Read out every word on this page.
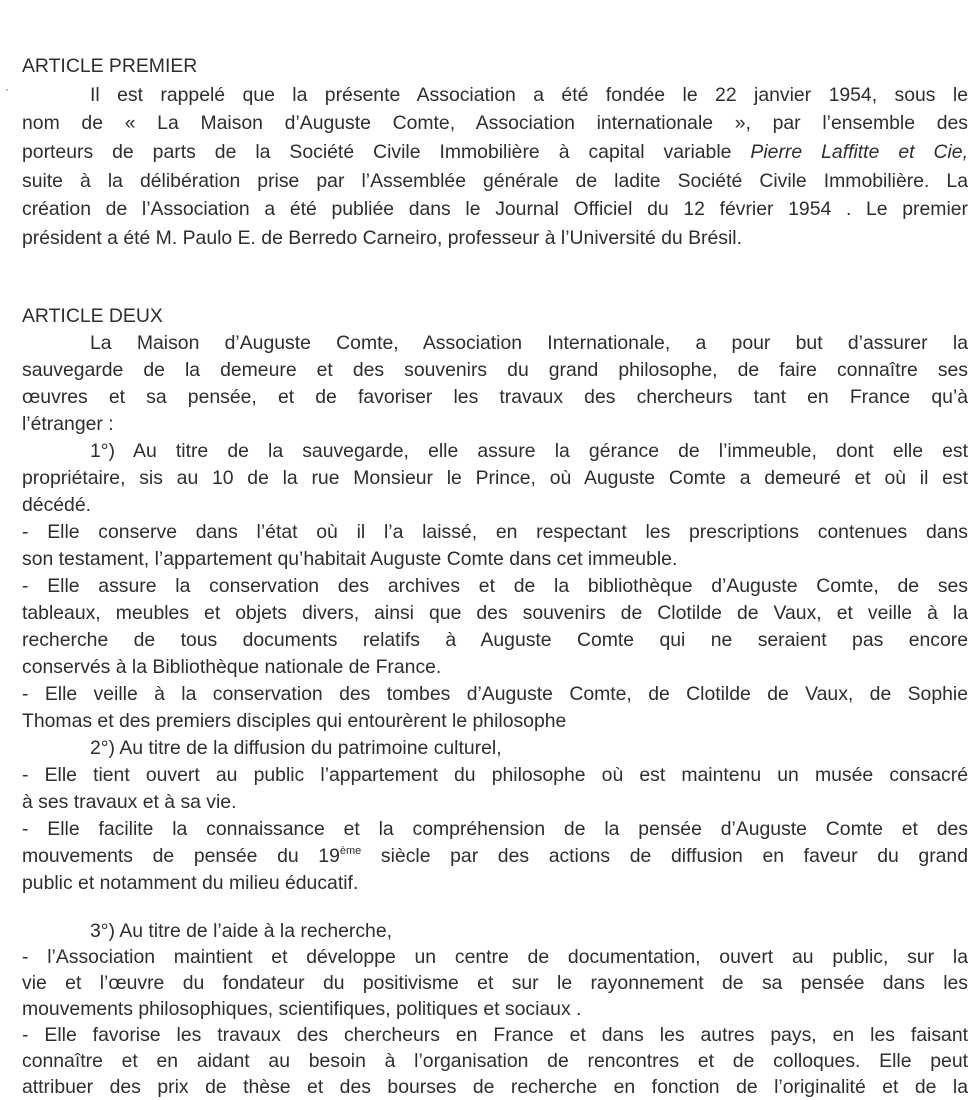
ARTICLE PREMIER
Il est rappelé que la présente Association a été fondée le 22 janvier 1954, sous le
nom de « La Maison d’Auguste Comte, Association internationale », par l’ensemble des
porteurs de parts de la Société Civile Immobilière à capital variable Pierre Laffitte et Cie,
suite à la délibération prise par l’Assemblée générale de ladite Société Civile Immobilière. La
création de l’Association a été publiée dans le Journal Officiel du 12 février 1954 . Le premier
président a été M. Paulo E. de Berredo Carneiro, professeur à l’Université du Brésil.
ARTICLE DEUX
La Maison d’Auguste Comte, Association Internationale, a pour but d’assurer la
sauvegarde de la demeure et des souvenirs du grand philosophe, de faire connaître ses
œuvres et sa pensée, et de favoriser les travaux des chercheurs tant en France qu’à
l’étranger :
1°) Au titre de la sauvegarde, elle assure la gérance de l’immeuble, dont elle est
propriétaire, sis au 10 de la rue Monsieur le Prince, où Auguste Comte a demeuré et où il est
décédé.
- Elle conserve dans l’état où il l’a laissé, en respectant les prescriptions contenues dans
son testament, l’appartement qu’habitait Auguste Comte dans cet immeuble.
- Elle assure la conservation des archives et de la bibliothèque d’Auguste Comte, de ses
tableaux, meubles et objets divers, ainsi que des souvenirs de Clotilde de Vaux, et veille à la
recherche de tous documents relatifs à Auguste Comte qui ne seraient pas encore
conservés à la Bibliothèque nationale de France.
- Elle veille à la conservation des tombes d’Auguste Comte, de Clotilde de Vaux, de Sophie
Thomas et des premiers disciples qui entourèrent le philosophe
2°) Au titre de la diffusion du patrimoine culturel,
- Elle tient ouvert au public l’appartement du philosophe où est maintenu un musée consacré
à ses travaux et à sa vie.
- Elle facilite la connaissance et la compréhension de la pensée d’Auguste Comte et des
mouvements de pensée du 19ème siècle par des actions de diffusion en faveur du grand
public et notamment du milieu éducatif.
3°) Au titre de l’aide à la recherche,
- l’Association maintient et développe un centre de documentation, ouvert au public, sur la
vie et l’œuvre du fondateur du positivisme et sur le rayonnement de sa pensée dans les
mouvements philosophiques, scientifiques, politiques et sociaux .
- Elle favorise les travaux des chercheurs en France et dans les autres pays, en les faisant
connaître et en aidant au besoin à l’organisation de rencontres et de colloques. Elle peut
attribuer des prix de thèse et des bourses de recherche en fonction de l’originalité et de la
